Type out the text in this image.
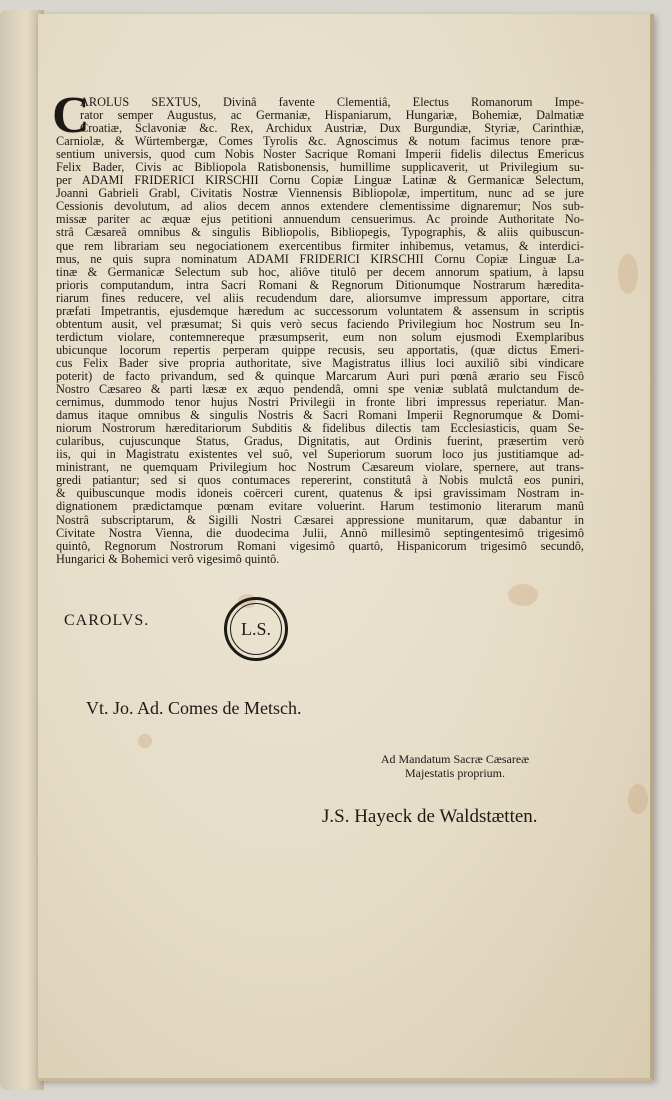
C
AROLUS SEXTUS, Divinâ favente Clementiâ, Electus Romanorum Impe-
rator semper Augustus, ac Germaniæ, Hispaniarum, Hungariæ, Bohemiæ, Dalmatiæ
Croatiæ, Sclavoniæ &c. Rex, Archidux Austriæ, Dux Burgundiæ, Styriæ, Carinthiæ,
Carniolæ, & Würtembergæ, Comes Tyrolis &c. Agnoscimus & notum facimus tenore præ-
sentium universis, quod cum Nobis Noster Sacrique Romani Imperii fidelis dilectus Emericus
Felix Bader, Civis ac Bibliopola Ratisbonensis, humillime supplicaverit, ut Privilegium su-
per ADAMI FRIDERICI KIRSCHII Cornu Copiæ Linguæ Latinæ & Germanicæ Selectum,
Joanni Gabrieli Grabl, Civitatis Nostræ Viennensis Bibliopolæ, impertitum, nunc ad se jure
Cessionis devolutum, ad alios decem annos extendere clementissime dignaremur; Nos sub-
missæ pariter ac æquæ ejus petitioni annuendum censuerimus. Ac proinde Authoritate No-
strâ Cæsareâ omnibus & singulis Bibliopolis, Bibliopegis, Typographis, & aliis quibuscun-
que rem librariam seu negociationem exercentibus firmiter inhibemus, vetamus, & interdici-
mus, ne quis supra nominatum ADAMI FRIDERICI KIRSCHII Cornu Copiæ Linguæ La-
tinæ & Germanicæ Selectum sub hoc, aliôve titulô per decem annorum spatium, à lapsu
prioris computandum, intra Sacri Romani & Regnorum Ditionumque Nostrarum hæredita-
riarum fines reducere, vel aliis recudendum dare, aliorsumve impressum apportare, citra
præfati Impetrantis, ejusdemque hæredum ac successorum voluntatem & assensum in scriptis
obtentum ausit, vel præsumat; Si quis verò secus faciendo Privilegium hoc Nostrum seu In-
terdictum violare, contemnereque præsumpserit, eum non solum ejusmodi Exemplaribus
ubicunque locorum repertis perperam quippe recusis, seu apportatis, (quæ dictus Emeri-
cus Felix Bader sive propria authoritate, sive Magistratus illius loci auxiliô sibi vindicare
poterit) de facto privandum, sed & quinque Marcarum Auri puri pœnâ ærario seu Fiscô
Nostro Cæsareo & parti læsæ ex æquo pendendâ, omni spe veniæ sublatâ mulctandum de-
cernimus, dummodo tenor hujus Nostri Privilegii in fronte libri impressus reperiatur. Man-
damus itaque omnibus & singulis Nostris & Sacri Romani Imperii Regnorumque & Domi-
niorum Nostrorum hæreditariorum Subditis & fidelibus dilectis tam Ecclesiasticis, quam Se-
cularibus, cujuscunque Status, Gradus, Dignitatis, aut Ordinis fuerint, præsertim verò
iis, qui in Magistratu existentes vel suô, vel Superiorum suorum loco jus justitiamque ad-
ministrant, ne quemquam Privilegium hoc Nostrum Cæsareum violare, spernere, aut trans-
gredi patiantur; sed si quos contumaces repererint, constitutâ à Nobis mulctâ eos puniri,
& quibuscunque modis idoneis coërceri curent, quatenus & ipsi gravissimam Nostram in-
dignationem prædictamque pœnam evitare voluerint. Harum testimonio literarum manû
Nostrâ subscriptarum, & Sigilli Nostri Cæsarei appressione munitarum, quæ dabantur in
Civitate Nostra Vienna, die duodecima Julii, Annô millesimô septingentesimô trigesimô
quintô, Regnorum Nostrorum Romani vigesimô quartô, Hispanicorum trigesimô secundô,
Hungarici & Bohemici verô vigesimô quintô.
CAROLVS.	L.S.
Vt. Jo. Ad. Comes de Metsch.
Ad Mandatum Sacræ Cæsareæ
Majestatis proprium.
J.S. Hayeck de Waldstætten.
